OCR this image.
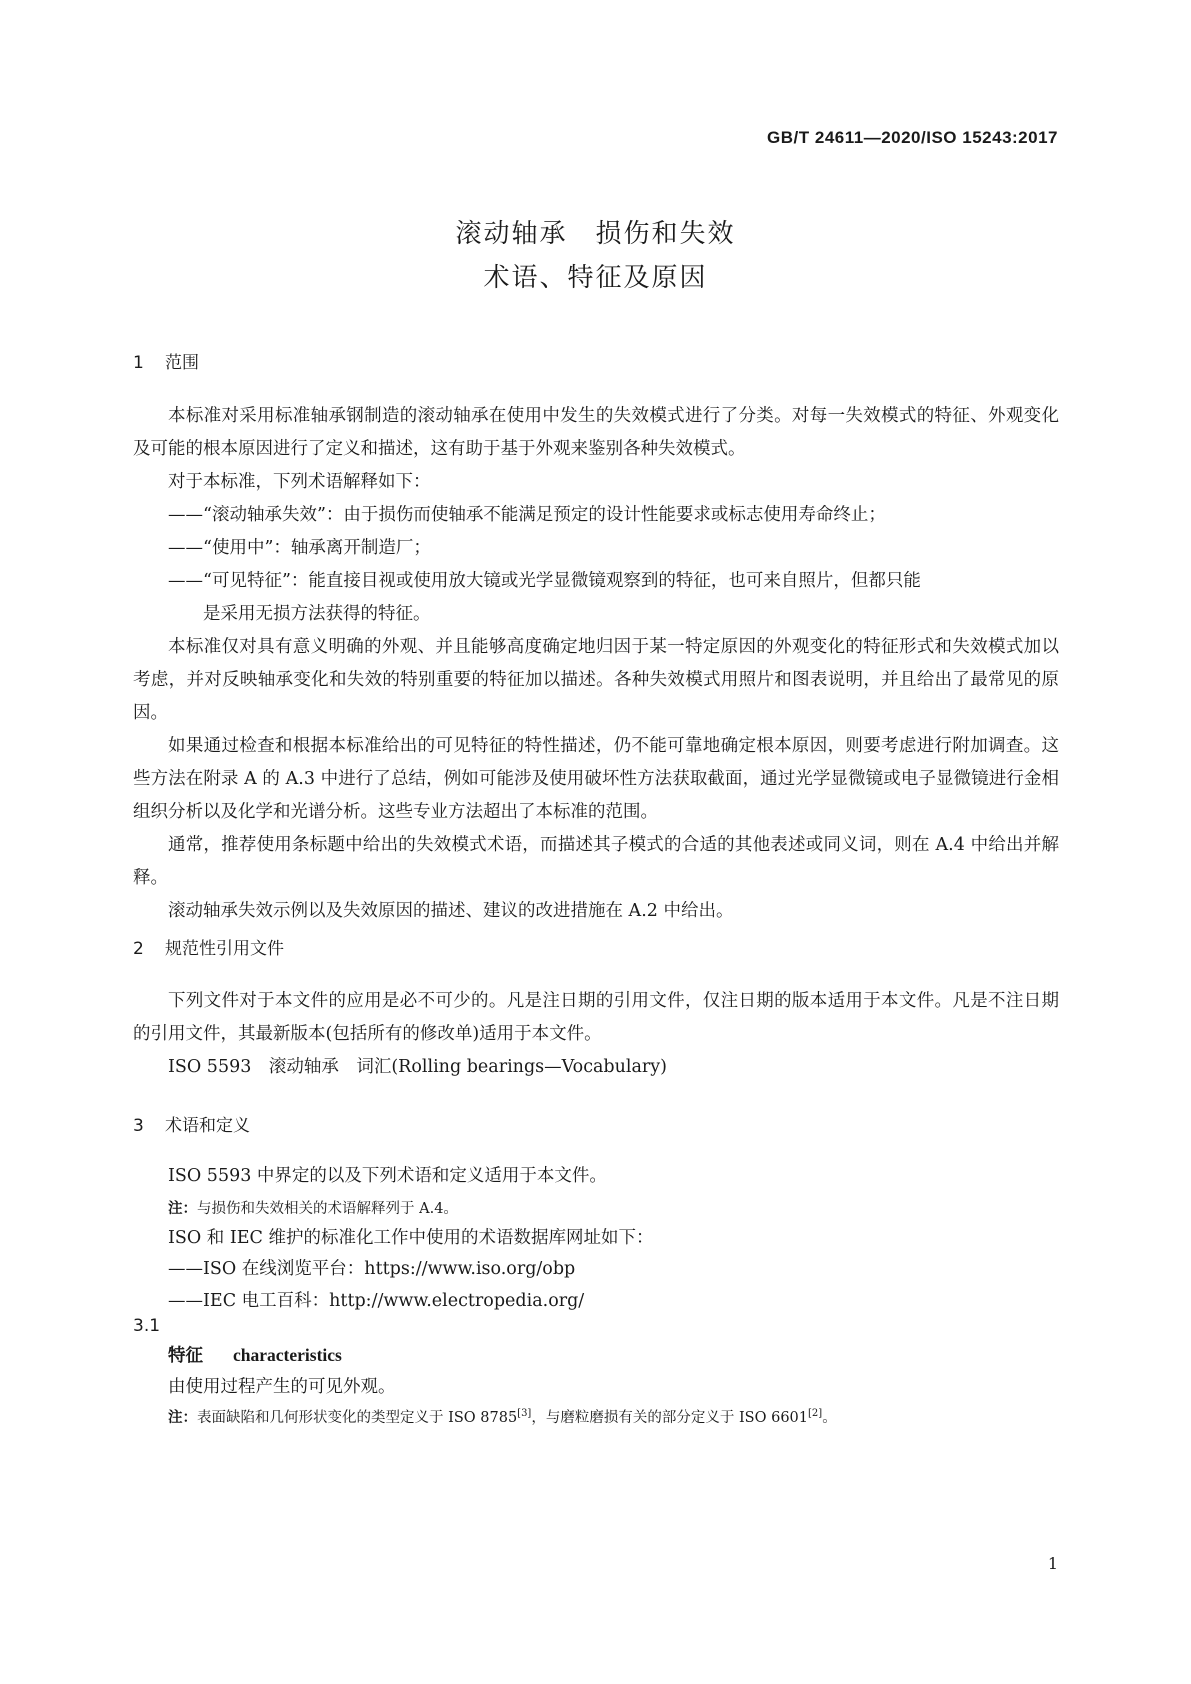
GB/T 24611—2020/ISO 15243:2017
滚动轴承　损伤和失效
术语、特征及原因
1 范围

本标准对采用标准轴承钢制造的滚动轴承在使用中发生的失效模式进行了分类。对每一失效模式的特征、外观变化及可能的根本原因进行了定义和描述，这有助于基于外观来鉴别各种失效模式。

对于本标准，下列术语解释如下：

——“滚动轴承失效”：由于损伤而使轴承不能满足预定的设计性能要求或标志使用寿命终止；

——“使用中”：轴承离开制造厂；

——“可见特征”：能直接目视或使用放大镜或光学显微镜观察到的特征，也可来自照片，但都只能

是采用无损方法获得的特征。

本标准仅对具有意义明确的外观、并且能够高度确定地归因于某一特定原因的外观变化的特征形式和失效模式加以考虑，并对反映轴承变化和失效的特别重要的特征加以描述。各种失效模式用照片和图表说明，并且给出了最常见的原因。

如果通过检查和根据本标准给出的可见特征的特性描述，仍不能可靠地确定根本原因，则要考虑进行附加调查。这些方法在附录 A 的 A.3 中进行了总结，例如可能涉及使用破坏性方法获取截面，通过光学显微镜或电子显微镜进行金相组织分析以及化学和光谱分析。这些专业方法超出了本标准的范围。

通常，推荐使用条标题中给出的失效模式术语，而描述其子模式的合适的其他表述或同义词，则在 A.4 中给出并解释。

滚动轴承失效示例以及失效原因的描述、建议的改进措施在 A.2 中给出。

2 规范性引用文件

下列文件对于本文件的应用是必不可少的。凡是注日期的引用文件，仅注日期的版本适用于本文件。凡是不注日期的引用文件，其最新版本(包括所有的修改单)适用于本文件。

ISO 5593　滚动轴承　词汇(Rolling bearings—Vocabulary)

3 术语和定义
ISO 5593 中界定的以及下列术语和定义适用于本文件。
注：与损伤和失效相关的术语解释列于 A.4。
ISO 和 IEC 维护的标准化工作中使用的术语数据库网址如下：
——ISO 在线浏览平台：https://www.iso.org/obp
——IEC 电工百科：http://www.electropedia.org/
3.1
特征 characteristics
由使用过程产生的可见外观。
注：表面缺陷和几何形状变化的类型定义于 ISO 8785[3]，与磨粒磨损有关的部分定义于 ISO 6601[2]。
1
